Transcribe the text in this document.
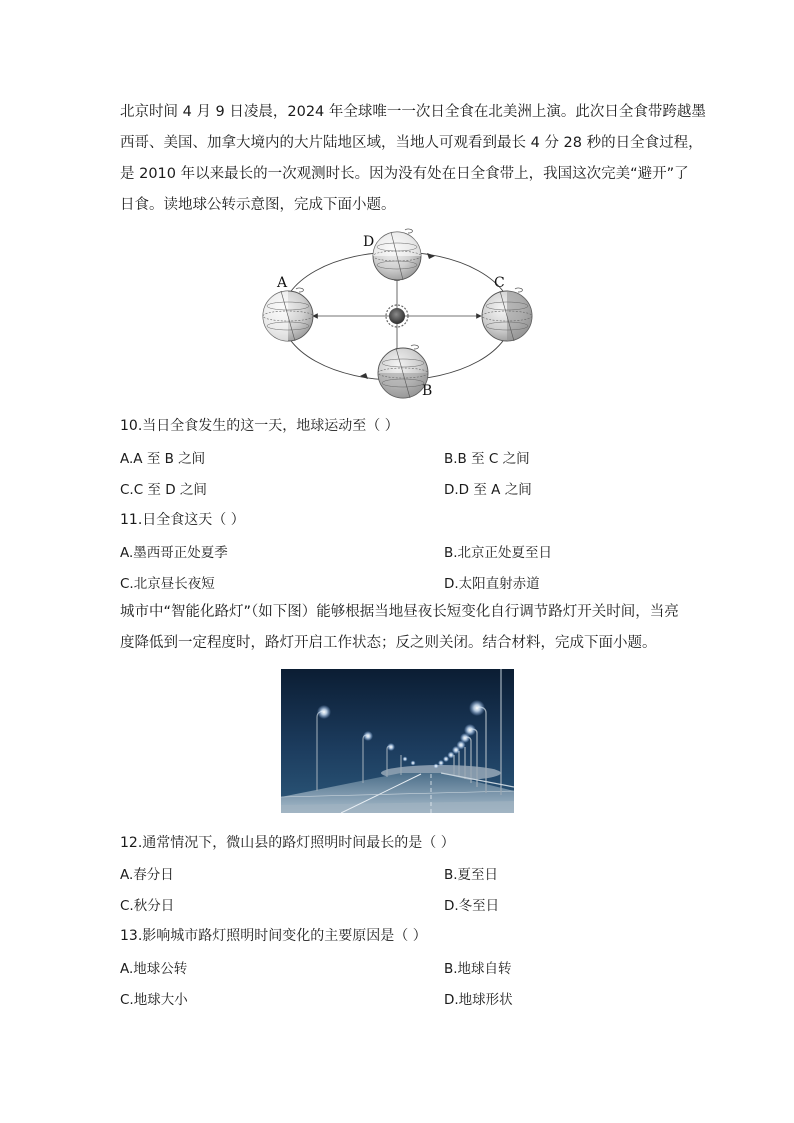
北京时间 4 月 9 日凌晨，2024 年全球唯一一次日全食在北美洲上演。此次日全食带跨越墨
西哥、美国、加拿大境内的大片陆地区域，当地人可观看到最长 4 分 28 秒的日全食过程，
是 2010 年以来最长的一次观测时长。因为没有处在日全食带上，我国这次完美“避开”了
日食。读地球公转示意图，完成下面小题。
A
B
C
D

10.当日全食发生的这一天，地球运动至（ ）

A.A 至 B 之间	B.B 至 C 之间

C.C 至 D 之间	D.D 至 A 之间

11.日全食这天（ ）

A.墨西哥正处夏季	B.北京正处夏至日

C.北京昼长夜短	D.太阳直射赤道

城市中“智能化路灯”（如下图）能够根据当地昼夜长短变化自行调节路灯开关时间，当亮
度降低到一定程度时，路灯开启工作状态；反之则关闭。结合材料，完成下面小题。

12.通常情况下，微山县的路灯照明时间最长的是（ ）

A.春分日	B.夏至日

C.秋分日	D.冬至日

13.影响城市路灯照明时间变化的主要原因是（ ）

A.地球公转	B.地球自转

C.地球大小	D.地球形状
